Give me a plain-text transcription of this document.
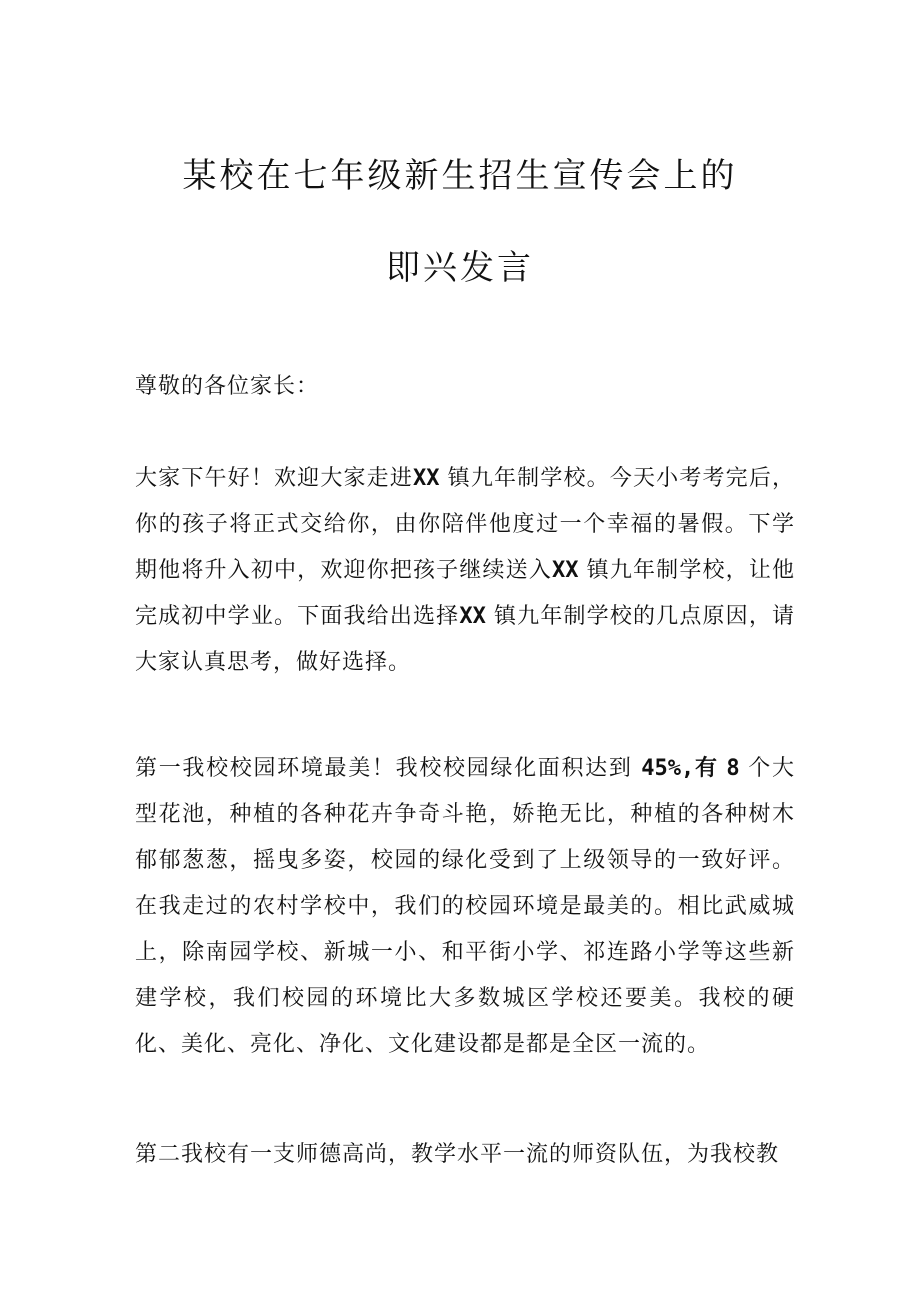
某校在七年级新生招生宣传会上的
即兴发言

尊敬的各位家长：

大家下午好！欢迎大家走进XX 镇九年制学校。今天小考考完后，你的孩子将正式交给你，由你陪伴他度过一个幸福的暑假。下学期他将升入初中，欢迎你把孩子继续送入XX 镇九年制学校，让他完成初中学业。下面我给出选择XX 镇九年制学校的几点原因，请大家认真思考，做好选择。

第一我校校园环境最美！我校校园绿化面积达到 45%,有 8 个大型花池，种植的各种花卉争奇斗艳，娇艳无比，种植的各种树木郁郁葱葱，摇曳多姿，校园的绿化受到了上级领导的一致好评。在我走过的农村学校中，我们的校园环境是最美的。相比武威城上，除南园学校、新城一小、和平街小学、祁连路小学等这些新建学校，我们校园的环境比大多数城区学校还要美。我校的硬化、美化、亮化、净化、文化建设都是都是全区一流的。

第二我校有一支师德高尚，教学水平一流的师资队伍，为我校教
